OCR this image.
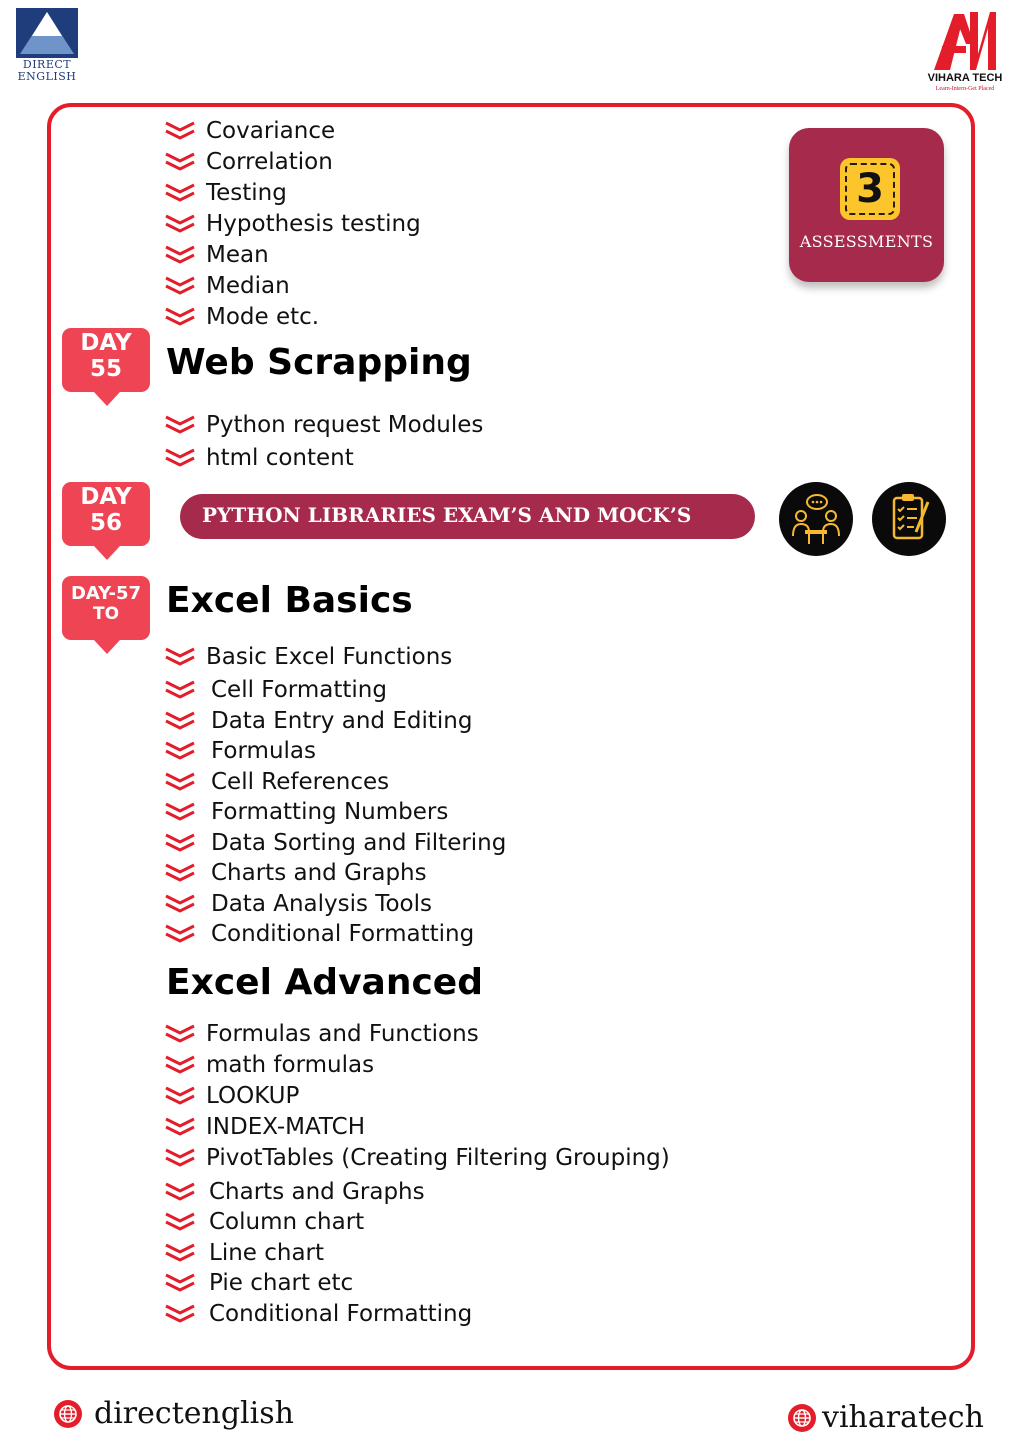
DIRECT
ENGLISH	VIHARA TECH
Learn-Intern-Get Placed
Covariance
Correlation
Testing
Hypothesis testing
Mean
Median
Mode etc.
3
ASSESSMENTS
DAY
55	Web Scrapping
Python request Modules
html content
DAY
56	PYTHON LIBRARIES EXAM’S AND MOCK’S
DAY-57
TO	Excel Basics
Basic Excel Functions
Cell Formatting
Data Entry and Editing
Formulas
Cell References
Formatting Numbers
Data Sorting and Filtering
Charts and Graphs
Data Analysis Tools
Conditional Formatting
Excel Advanced
Formulas and Functions
math formulas
LOOKUP
INDEX-MATCH
PivotTables (Creating Filtering Grouping)
Charts and Graphs
Column chart
Line chart
Pie chart etc
Conditional Formatting
directenglish	viharatech
